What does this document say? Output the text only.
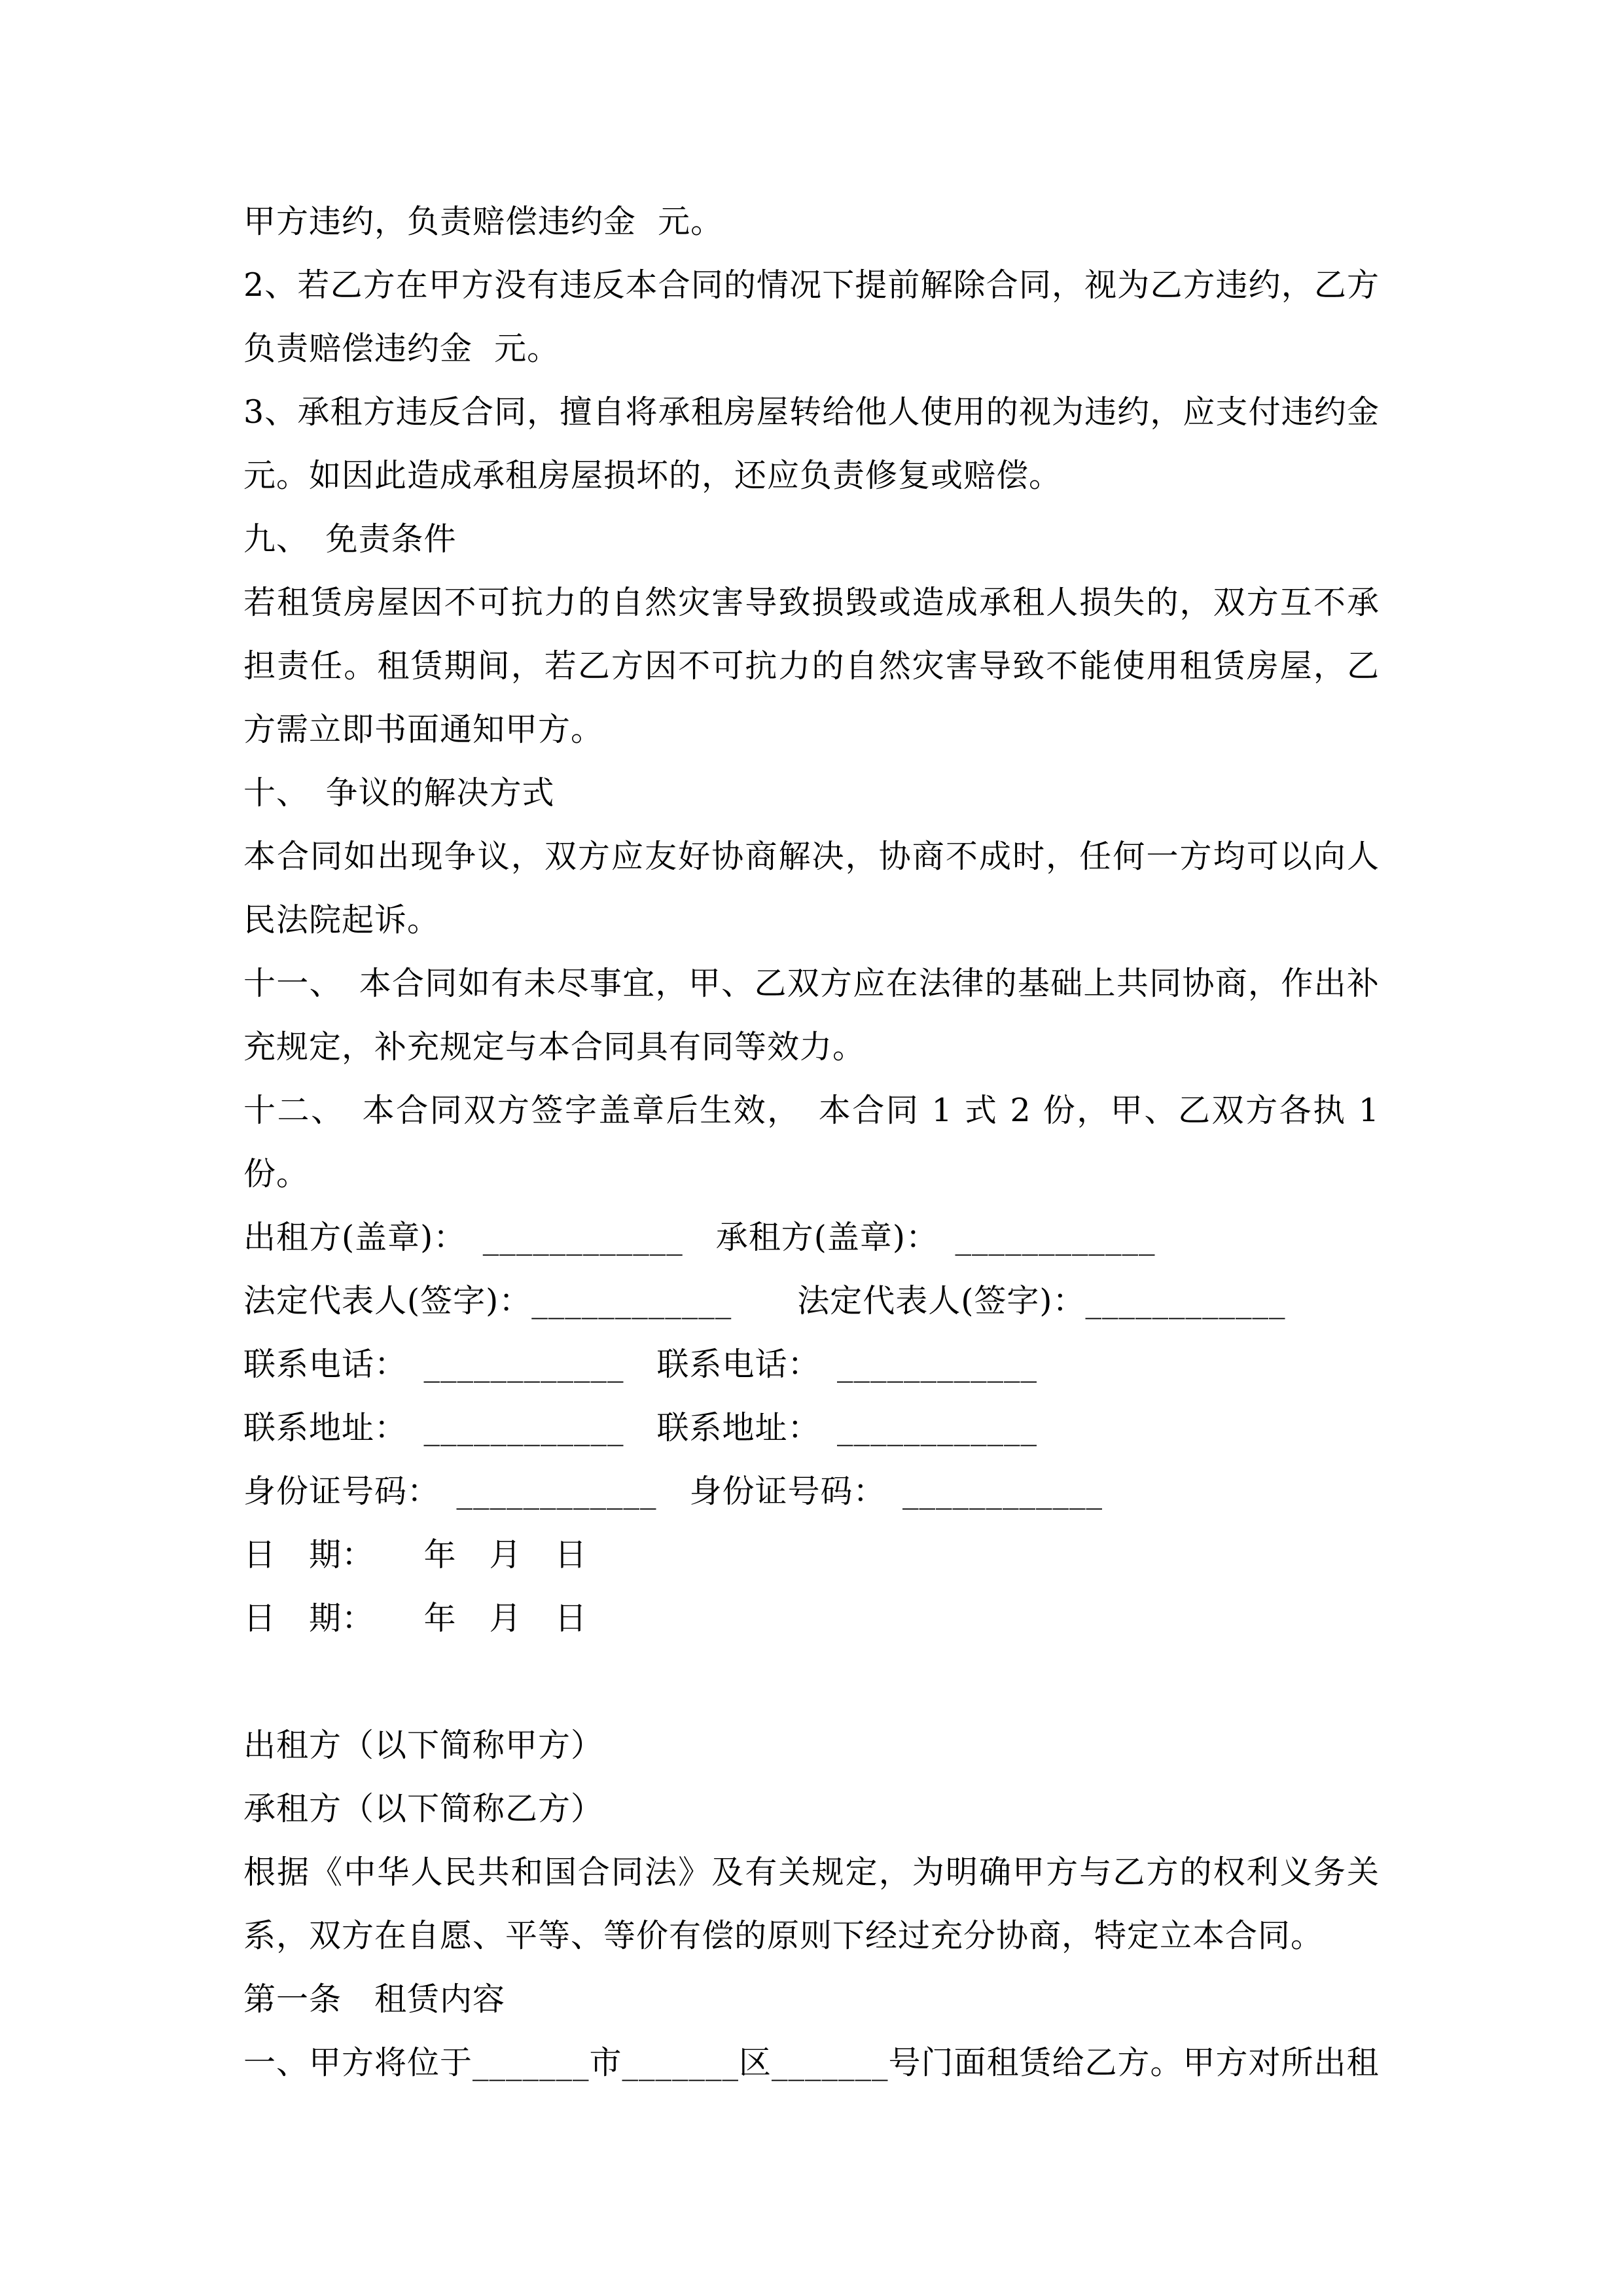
甲方违约，负责赔偿违约金  元。

2、若乙方在甲方没有违反本合同的情况下提前解除合同，视为乙方违约，乙方负责赔偿违约金  元。

3、承租方违反合同，擅自将承租房屋转给他人使用的视为违约，应支付违约金  元。如因此造成承租房屋损坏的，还应负责修复或赔偿。

九、　免责条件

若租赁房屋因不可抗力的自然灾害导致损毁或造成承租人损失的，双方互不承担责任。租赁期间，若乙方因不可抗力的自然灾害导致不能使用租赁房屋，乙方需立即书面通知甲方。

十、　争议的解决方式

本合同如出现争议，双方应友好协商解决，协商不成时，任何一方均可以向人民法院起诉。

十一、　本合同如有未尽事宜，甲、乙双方应在法律的基础上共同协商，作出补充规定，补充规定与本合同具有同等效力。

十二、　本合同双方签字盖章后生效，　本合同 1 式 2 份，甲、乙双方各执 1 份。

出租方(盖章)：　____________　承租方(盖章)：　____________

法定代表人(签字)：____________　　法定代表人(签字)：____________

联系电话：　____________　联系电话：　____________

联系地址：　____________　联系地址：　____________

身份证号码：　____________　身份证号码：　____________

日　期：　　年　月　日

日　期：　　年　月　日

出租方（以下简称甲方）

承租方（以下简称乙方）

根据《中华人民共和国合同法》及有关规定，为明确甲方与乙方的权利义务关系，双方在自愿、平等、等价有偿的原则下经过充分协商，特定立本合同。

第一条　租赁内容

一、甲方将位于_______市_______区_______号门面租赁给乙方。甲方对所出租
